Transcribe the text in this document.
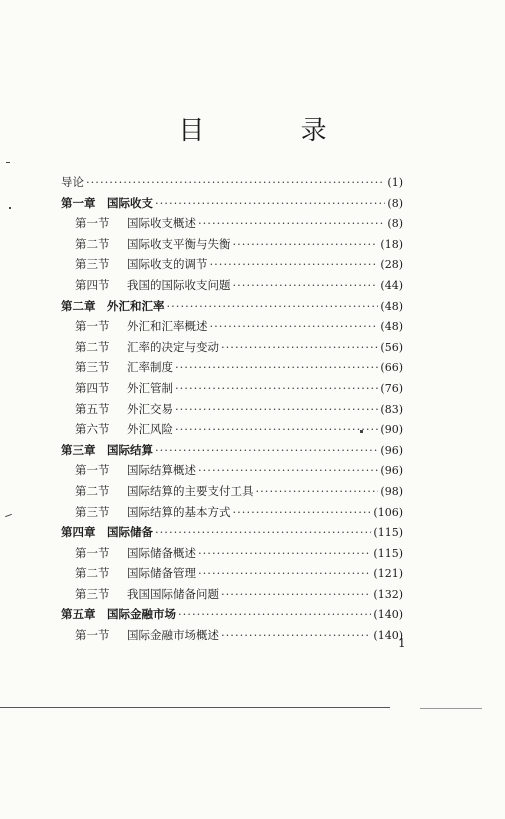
目 录
导论 ·····	(1)
第一章	国际收支 ·····	(8)
第一节	国际收支概述 ·····	(8)
第二节	国际收支平衡与失衡 ·····	(18)
第三节	国际收支的调节 ·····	(28)
第四节	我国的国际收支问题 ·····	(44)
第二章	外汇和汇率 ·····	(48)
第一节	外汇和汇率概述 ·····	(48)
第二节	汇率的决定与变动 ·····	(56)
第三节	汇率制度 ·····	(66)
第四节	外汇管制 ·····	(76)
第五节	外汇交易 ·····	(83)
第六节	外汇风险 ·····	(90)
第三章	国际结算 ·····	(96)
第一节	国际结算概述 ·····	(96)
第二节	国际结算的主要支付工具 ·····	(98)
第三节	国际结算的基本方式 ·····	(106)
第四章	国际储备 ·····	(115)
第一节	国际储备概述 ·····	(115)
第二节	国际储备管理 ·····	(121)
第三节	我国国际储备问题 ·····	(132)
第五章	国际金融市场 ·····	(140)
第一节	国际金融市场概述 ·····	(140)
1
